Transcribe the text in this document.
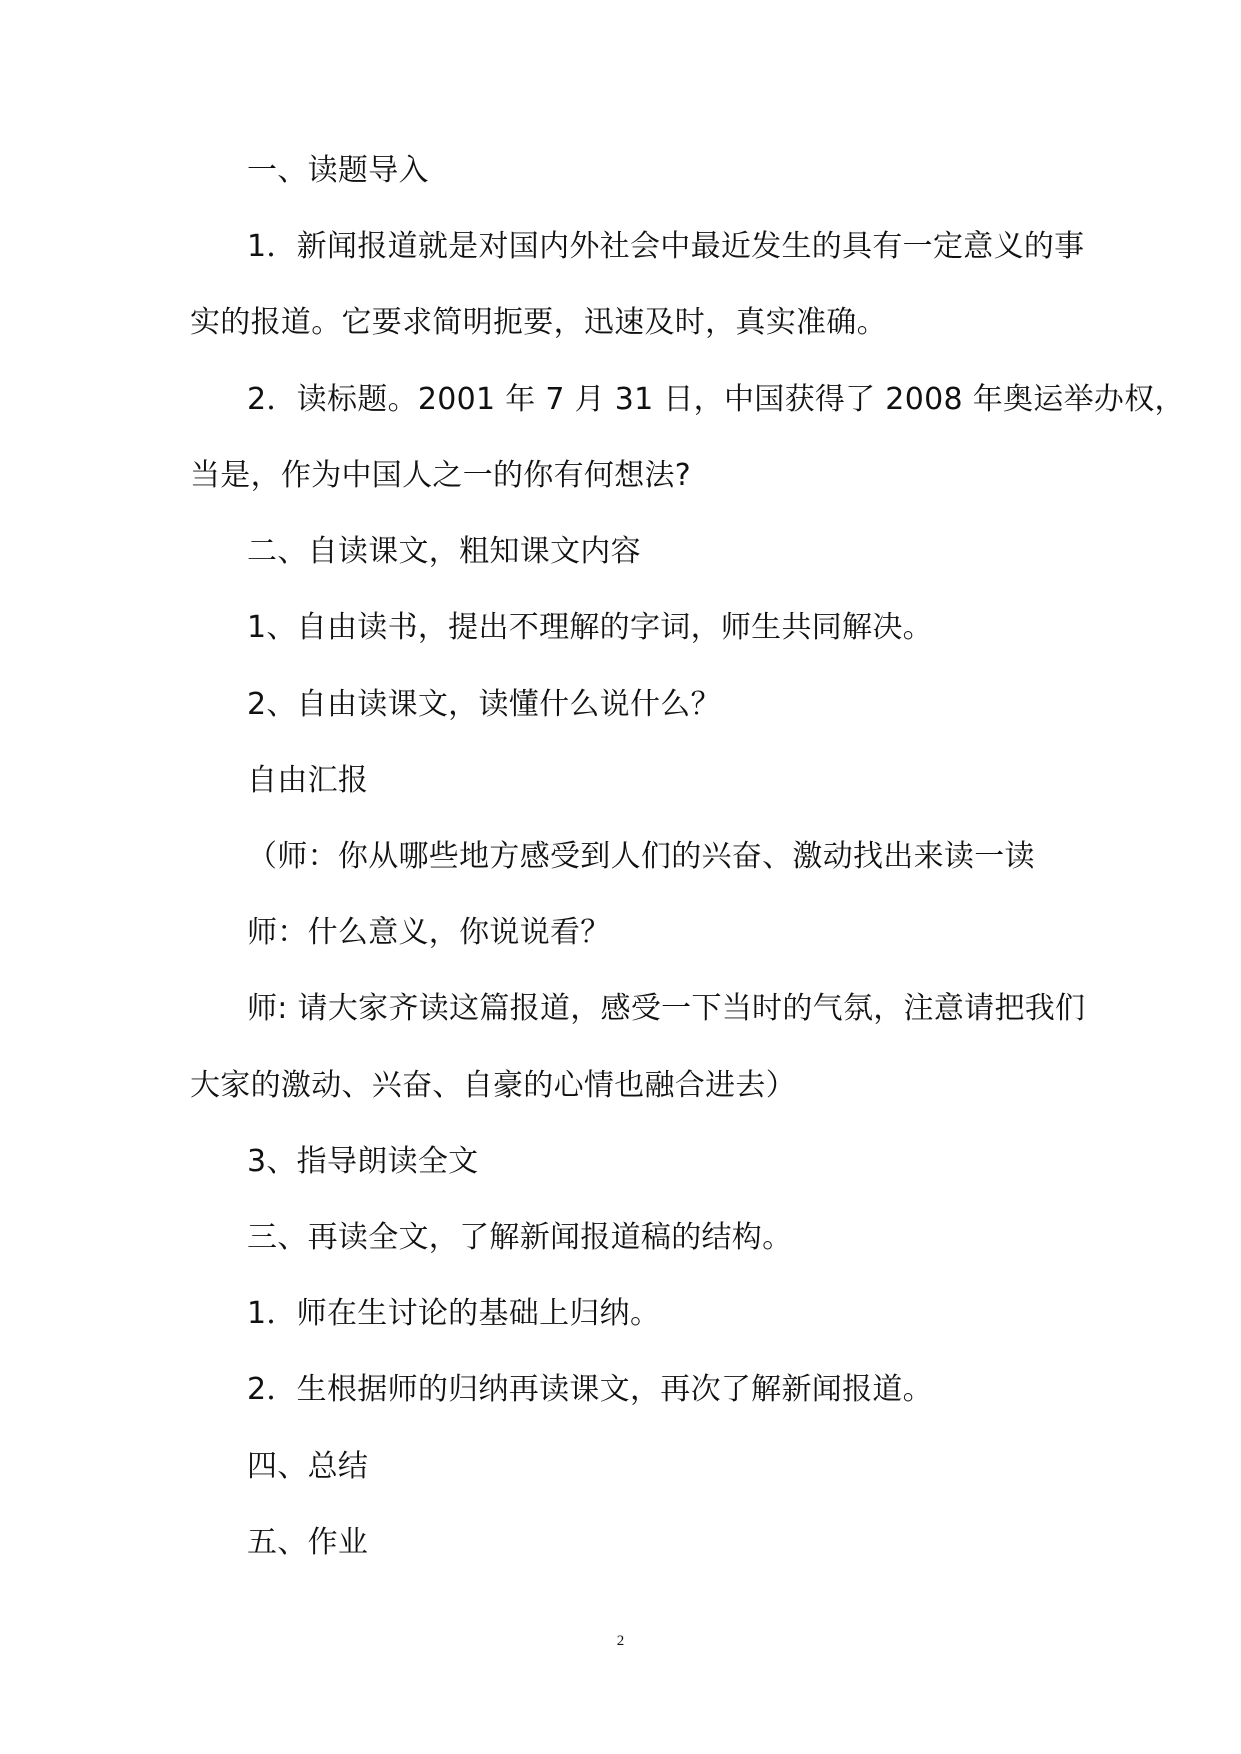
一、读题导入
1．新闻报道就是对国内外社会中最近发生的具有一定意义的事
实的报道。它要求简明扼要，迅速及时，真实准确。
2．读标题。2001 年 7 月 31 日，中国获得了 2008 年奥运举办权，
当是，作为中国人之一的你有何想法?
二、自读课文，粗知课文内容
1、自由读书，提出不理解的字词，师生共同解决。
2、自由读课文，读懂什么说什么？
自由汇报
（师：你从哪些地方感受到人们的兴奋、激动找出来读一读
师：什么意义，你说说看？
师: 请大家齐读这篇报道，感受一下当时的气氛，注意请把我们
大家的激动、兴奋、自豪的心情也融合进去）
3、指导朗读全文
三、再读全文，了解新闻报道稿的结构。
1．师在生讨论的基础上归纳。
2．生根据师的归纳再读课文，再次了解新闻报道。
四、总结
五、作业
2
